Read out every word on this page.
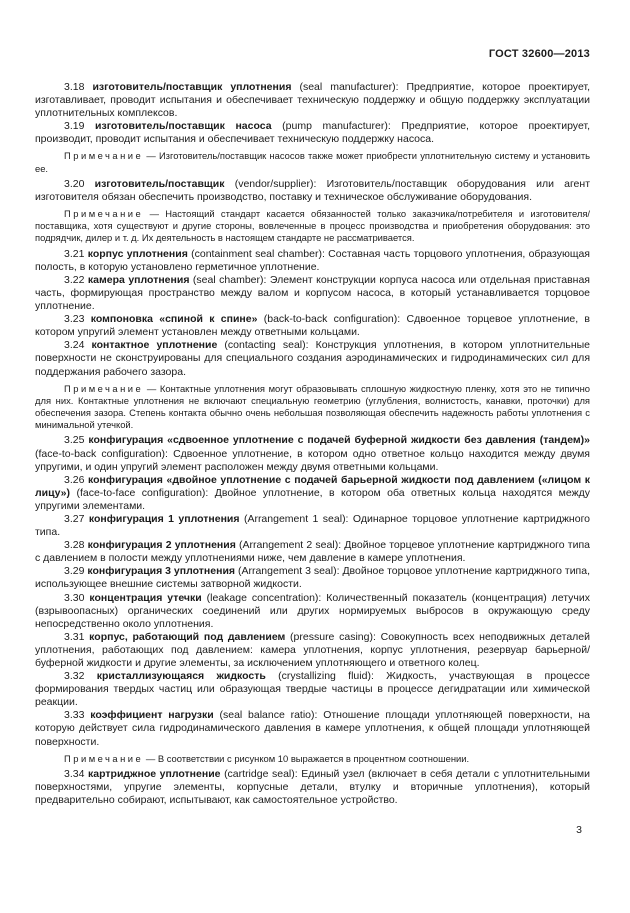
ГОСТ 32600—2013

3.18 изготовитель/поставщик уплотнения (seal manufacturer): Предприятие, которое проектирует, изготавливает, проводит испытания и обеспечивает техническую поддержку и общую поддержку эксплуатации уплотнительных комплексов.

3.19 изготовитель/поставщик насоса (pump manufacturer): Предприятие, которое проектирует, производит, проводит испытания и обеспечивает техническую поддержку насоса.

Примечание — Изготовитель/поставщик насосов также может приобрести уплотнительную систему и установить ее.

3.20 изготовитель/поставщик (vendor/supplier): Изготовитель/поставщик оборудования или агент изготовителя обязан обеспечить производство, поставку и техническое обслуживание оборудования.

Примечание — Настоящий стандарт касается обязанностей только заказчика/потребителя и изготовителя/поставщика, хотя существуют и другие стороны, вовлеченные в процесс производства и приобретения оборудования: это подрядчик, дилер и т. д. Их деятельность в настоящем стандарте не рассматривается.

3.21 корпус уплотнения (containment seal chamber): Составная часть торцового уплотнения, образующая полость, в которую установлено герметичное уплотнение.

3.22 камера уплотнения (seal chamber): Элемент конструкции корпуса насоса или отдельная приставная часть, формирующая пространство между валом и корпусом насоса, в который устанавливается торцовое уплотнение.

3.23 компоновка «спиной к спине» (back-to-back configuration): Сдвоенное торцевое уплотнение, в котором упругий элемент установлен между ответными кольцами.

3.24 контактное уплотнение (contacting seal): Конструкция уплотнения, в котором уплотнительные поверхности не сконструированы для специального создания аэродинамических и гидродинамических сил для поддержания рабочего зазора.

Примечание — Контактные уплотнения могут образовывать сплошную жидкостную пленку, хотя это не типично для них. Контактные уплотнения не включают специальную геометрию (углубления, волнистость, канавки, проточки) для обеспечения зазора. Степень контакта обычно очень небольшая позволяющая обеспечить надежность работы уплотнения с минимальной утечкой.

3.25 конфигурация «сдвоенное уплотнение с подачей буферной жидкости без давления (тандем)» (face-to-back configuration): Сдвоенное уплотнение, в котором одно ответное кольцо находится между двумя упругими, и один упругий элемент расположен между двумя ответными кольцами.

3.26 конфигурация «двойное уплотнение с подачей барьерной жидкости под давлением («лицом к лицу») (face-to-face configuration): Двойное уплотнение, в котором оба ответных кольца находятся между упругими элементами.

3.27 конфигурация 1 уплотнения (Arrangement 1 seal): Одинарное торцовое уплотнение картриджного типа.

3.28 конфигурация 2 уплотнения (Arrangement 2 seal): Двойное торцевое уплотнение картриджного типа с давлением в полости между уплотнениями ниже, чем давление в камере уплотнения.

3.29 конфигурация 3 уплотнения (Arrangement 3 seal): Двойное торцовое уплотнение картриджного типа, использующее внешние системы затворной жидкости.

3.30 концентрация утечки (leakage concentration): Количественный показатель (концентрация) летучих (взрывоопасных) органических соединений или других нормируемых выбросов в окружающую среду непосредственно около уплотнения.

3.31 корпус, работающий под давлением (pressure casing): Совокупность всех неподвижных деталей уплотнения, работающих под давлением: камера уплотнения, корпус уплотнения, резервуар барьерной/буферной жидкости и другие элементы, за исключением уплотняющего и ответного колец.

3.32 кристаллизующаяся жидкость (crystallizing fluid): Жидкость, участвующая в процессе формирования твердых частиц или образующая твердые частицы в процессе дегидратации или химической реакции.

3.33 коэффициент нагрузки (seal balance ratio): Отношение площади уплотняющей поверхности, на которую действует сила гидродинамического давления в камере уплотнения, к общей площади уплотняющей поверхности.

Примечание — В соответствии с рисунком 10 выражается в процентном соотношении.

3.34 картриджное уплотнение (cartridge seal): Единый узел (включает в себя детали с уплотнительными поверхностями, упругие элементы, корпусные детали, втулку и вторичные уплотнения), который предварительно собирают, испытывают, как самостоятельное устройство.

3
